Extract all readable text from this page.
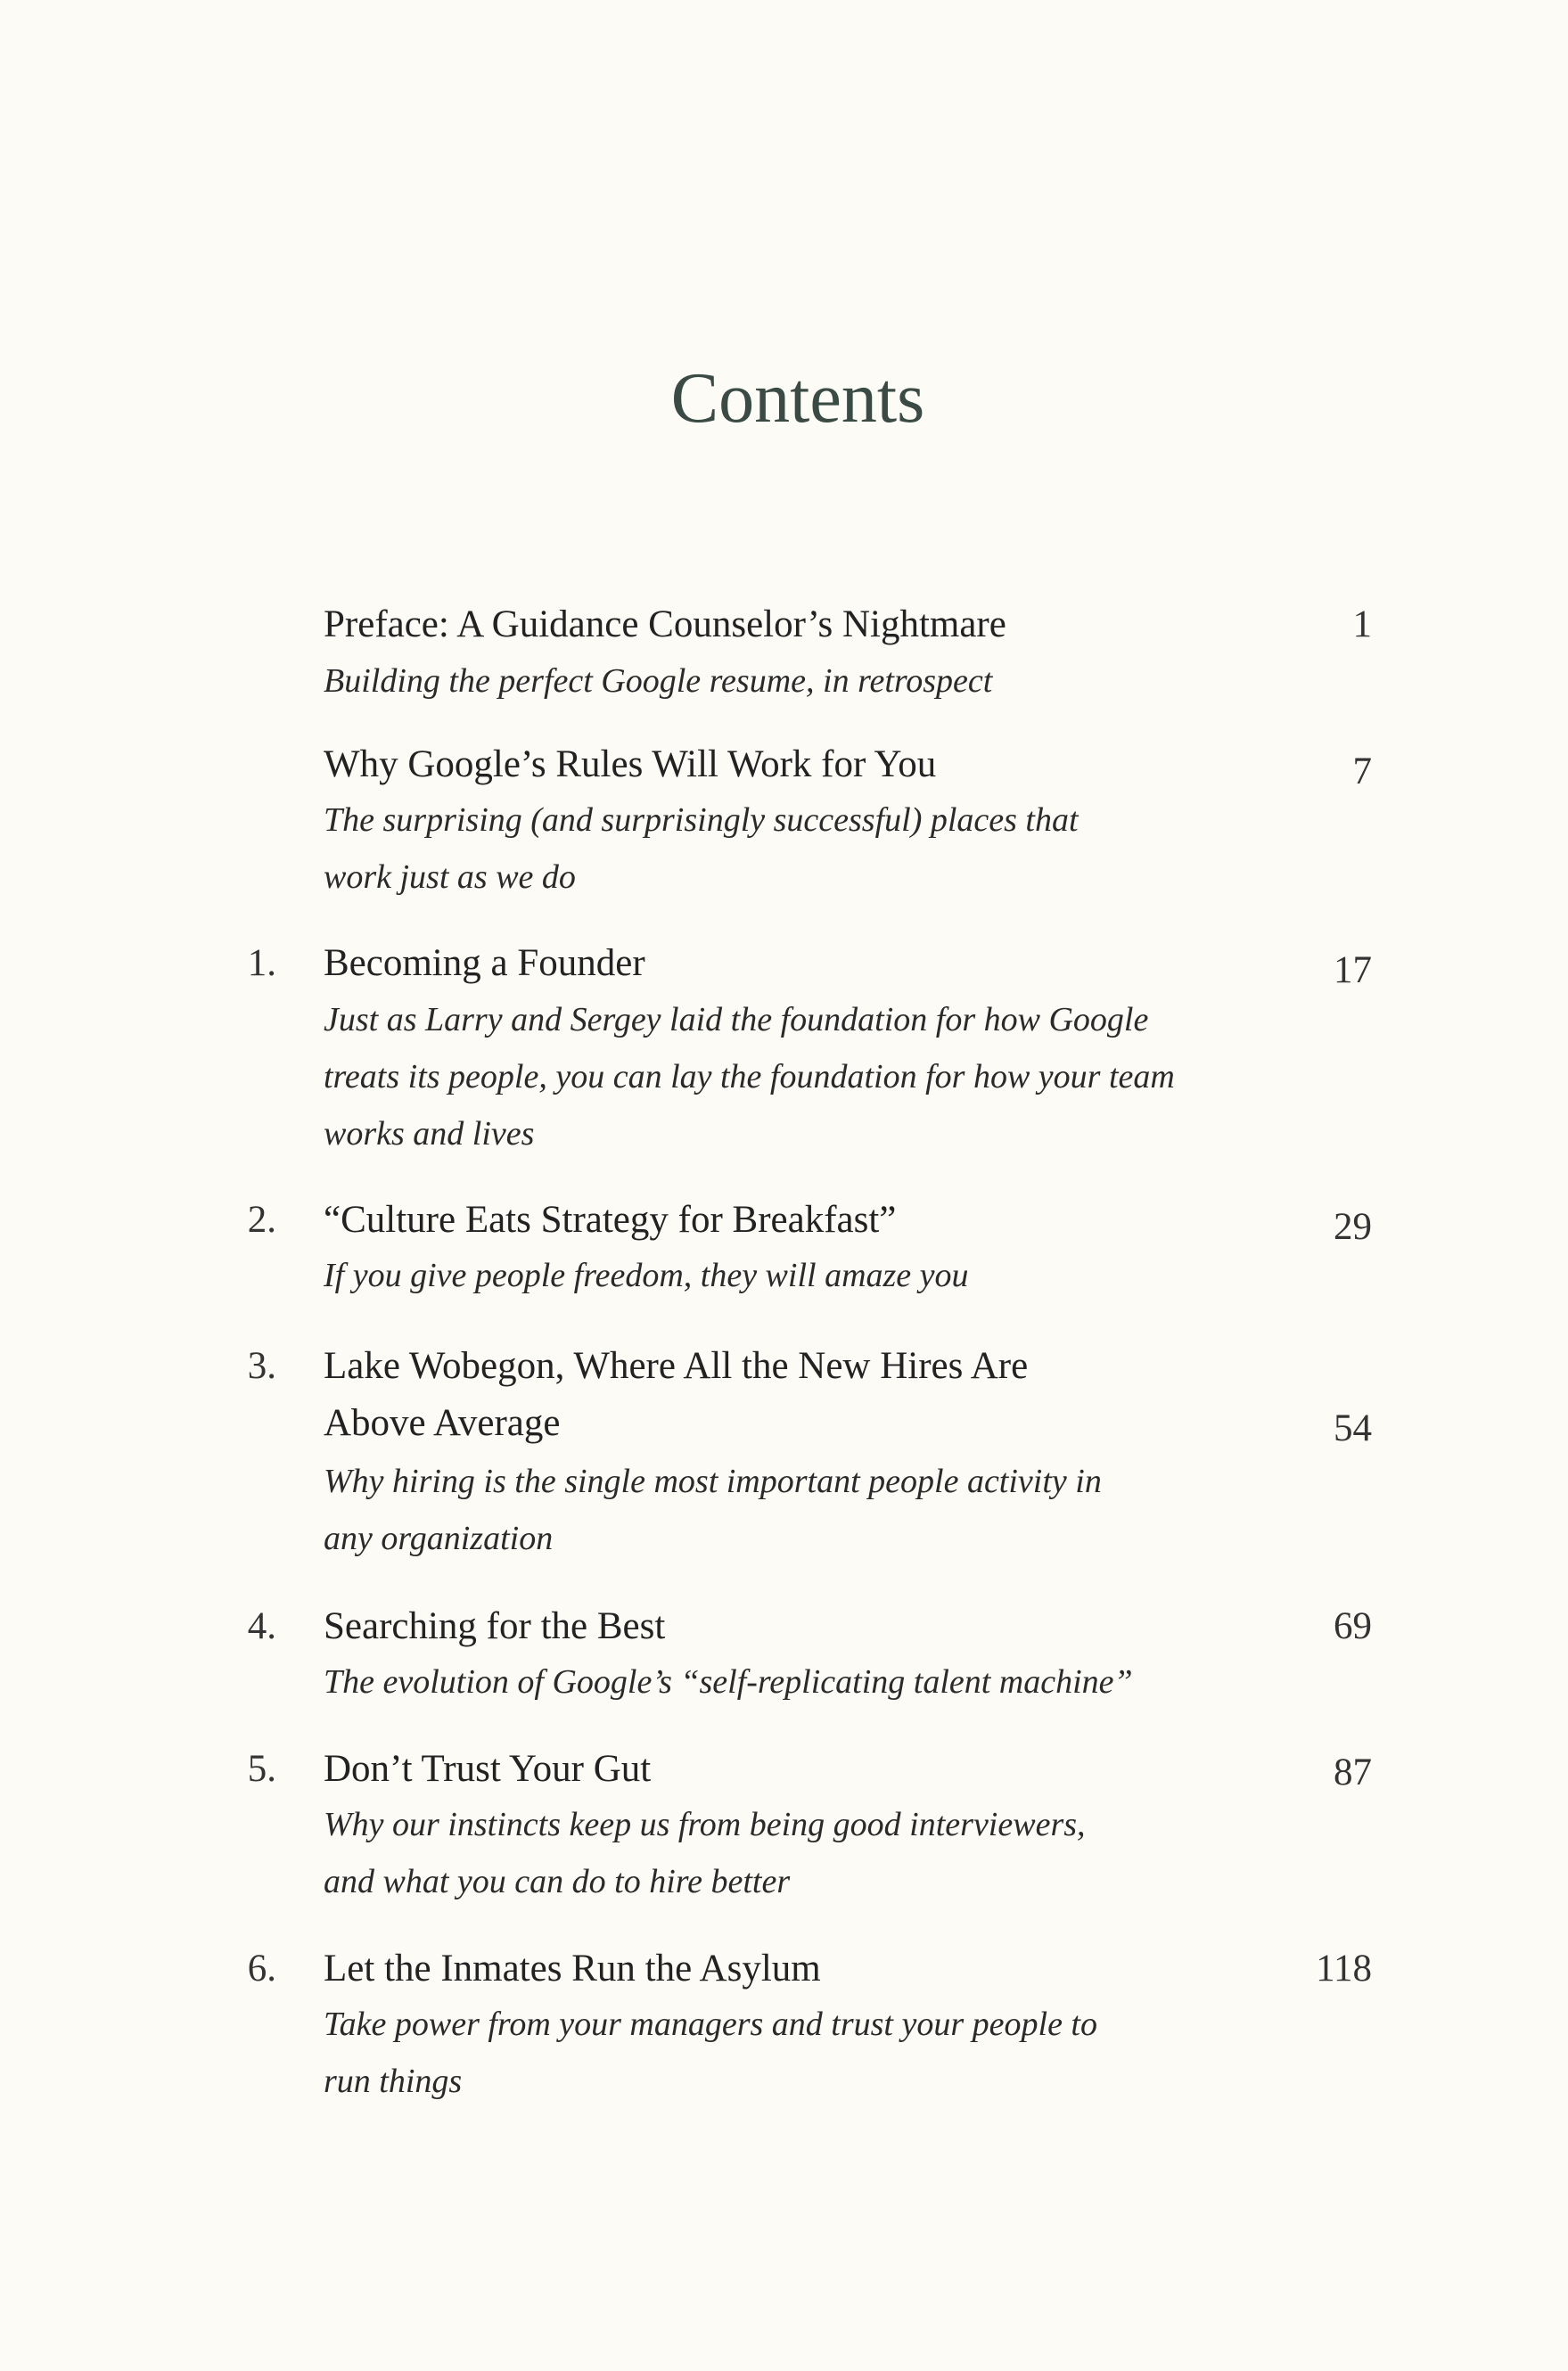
Contents
Preface: A Guidance Counselor’s Nightmare
Building the perfect Google resume, in retrospect
1
Why Google’s Rules Will Work for You
The surprising (and surprisingly successful) places that
work just as we do
7
1. Becoming a Founder
Just as Larry and Sergey laid the foundation for how Google
treats its people, you can lay the foundation for how your team
works and lives
17
2. “Culture Eats Strategy for Breakfast”
If you give people freedom, they will amaze you
29
3. Lake Wobegon, Where All the New Hires Are
Above Average
Why hiring is the single most important people activity in
any organization
54
4. Searching for the Best
The evolution of Google’s “self-replicating talent machine”
69
5. Don’t Trust Your Gut
Why our instincts keep us from being good interviewers,
and what you can do to hire better
87
6. Let the Inmates Run the Asylum
Take power from your managers and trust your people to
run things
118
